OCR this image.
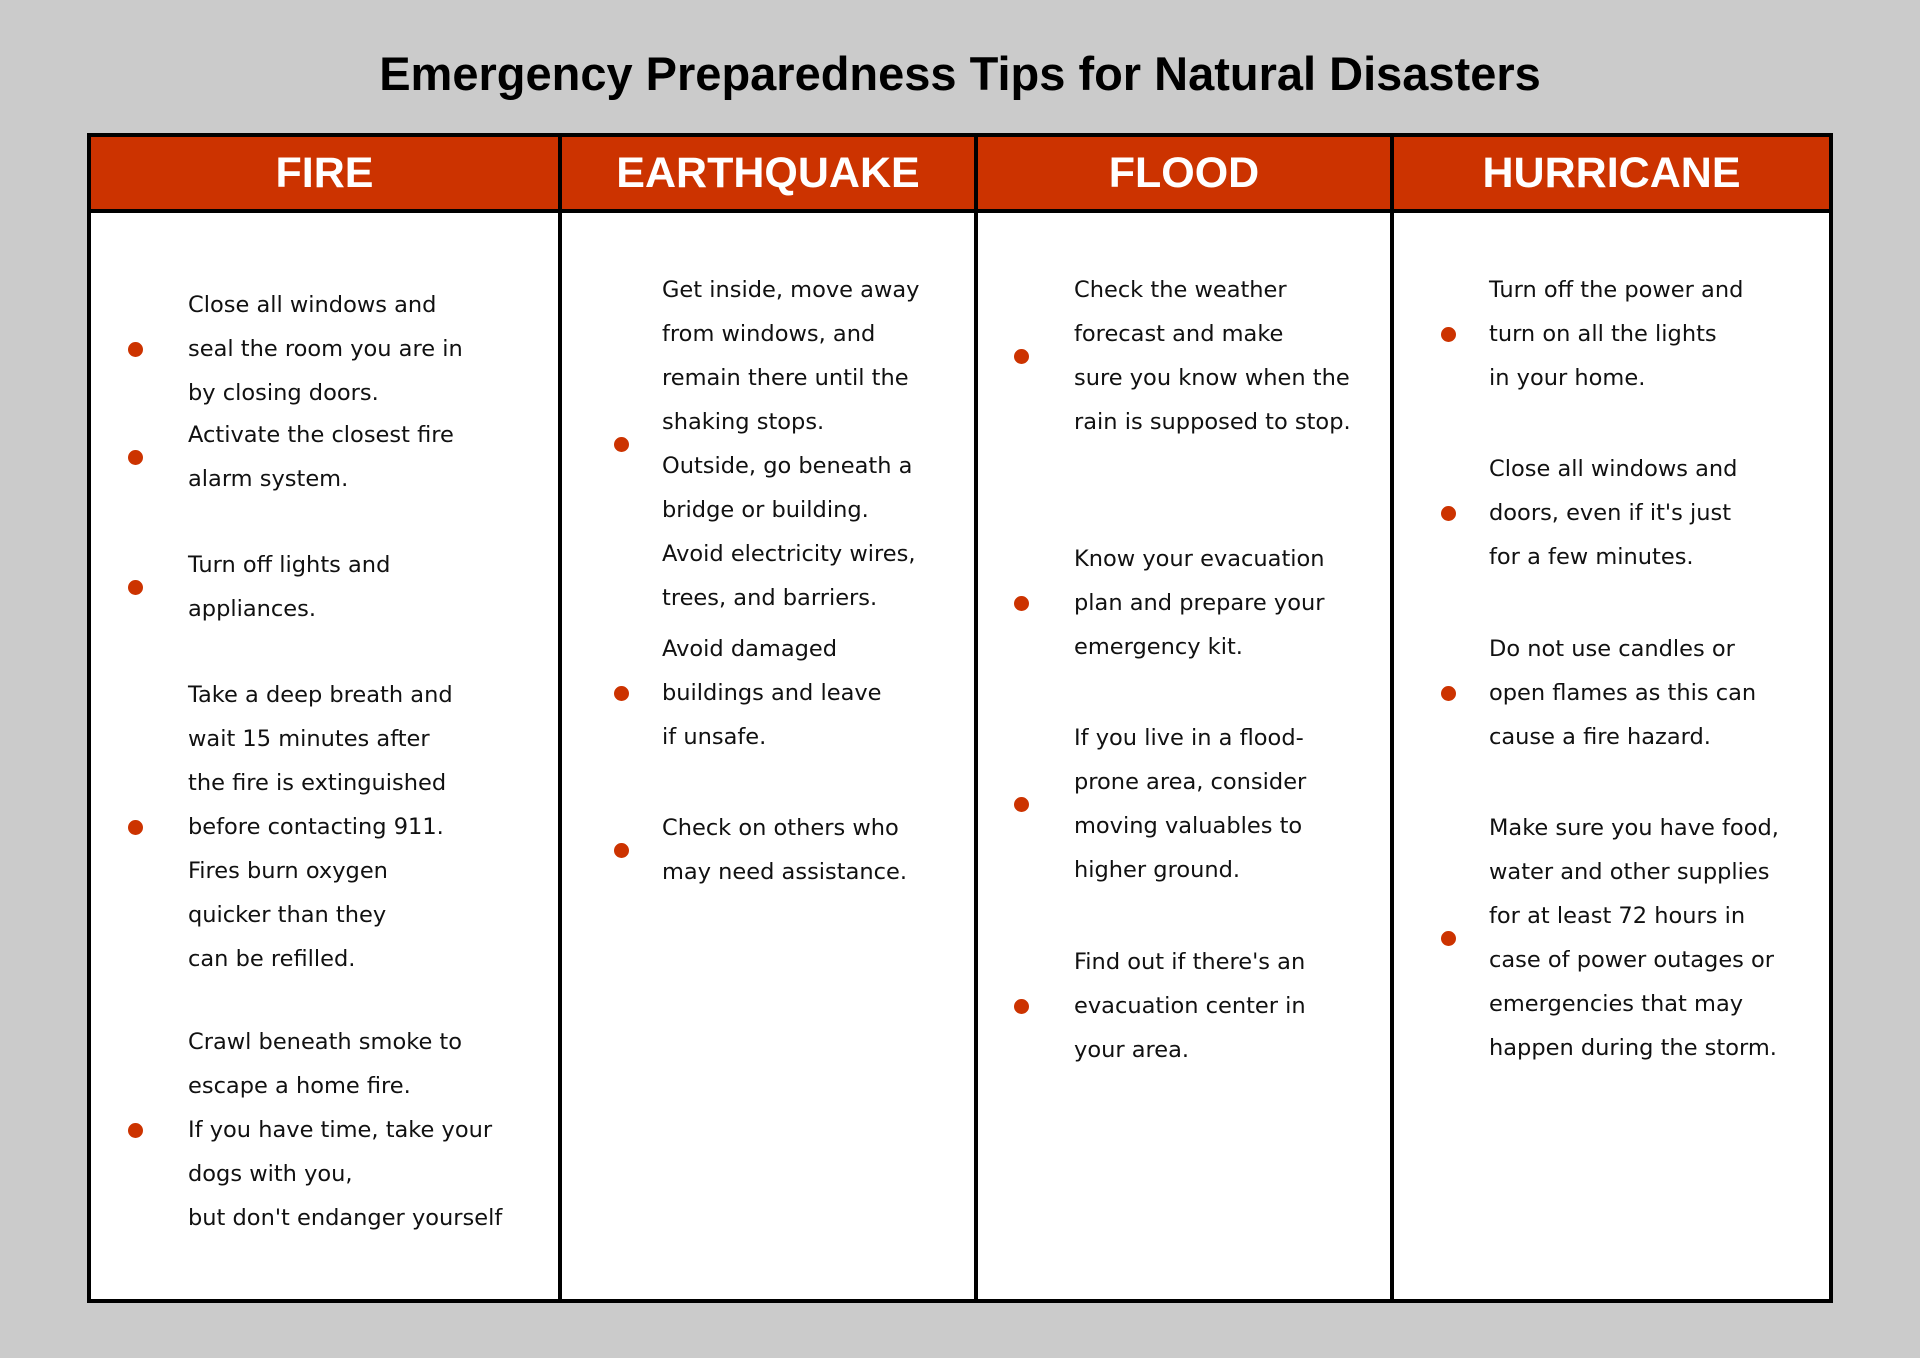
Emergency Preparedness Tips for Natural Disasters
FIRE
Close all windows and
seal the room you are in
by closing doors.
Activate the closest fire
alarm system.
Turn off lights and
appliances.
Take a deep breath and
wait 15 minutes after
the fire is extinguished
before contacting 911.
Fires burn oxygen
quicker than they
can be refilled.
Crawl beneath smoke to
escape a home fire.
If you have time, take your
dogs with you,
but don't endanger yourself
EARTHQUAKE
Get inside, move away
from windows, and
remain there until the
shaking stops.
Outside, go beneath a
bridge or building.
Avoid electricity wires,
trees, and barriers.
Avoid damaged
buildings and leave
if unsafe.
Check on others who
may need assistance.
FLOOD
Check the weather
forecast and make
sure you know when the
rain is supposed to stop.
Know your evacuation
plan and prepare your
emergency kit.
If you live in a flood-
prone area, consider
moving valuables to
higher ground.
Find out if there's an
evacuation center in
your area.
HURRICANE
Turn off the power and
turn on all the lights
in your home.
Close all windows and
doors, even if it's just
for a few minutes.
Do not use candles or
open flames as this can
cause a fire hazard.
Make sure you have food,
water and other supplies
for at least 72 hours in
case of power outages or
emergencies that may
happen during the storm.
